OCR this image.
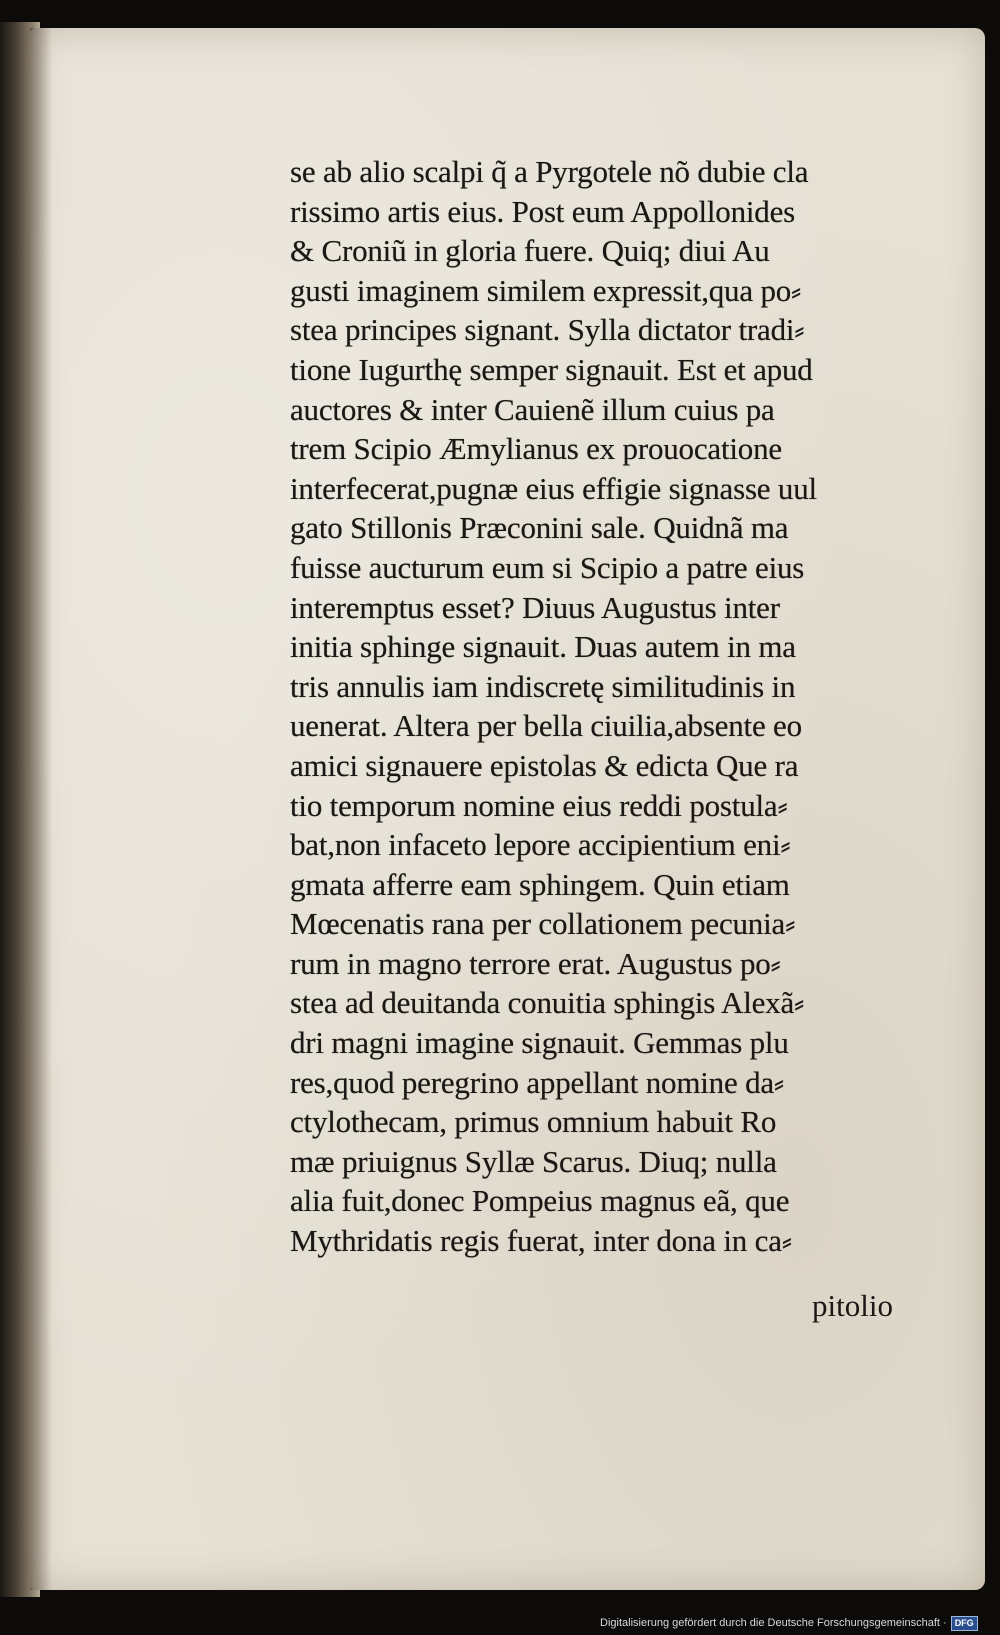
se ab alio scalpi q̃ a Pyrgotele nõ dubie cla
rissimo artis eius. Post eum Appollonides
& Croniũ in gloria fuere. Quiq; diui Au
gusti imaginem similem expressit,qua po⸗
stea principes signant. Sylla dictator tradi⸗
tione Iugurthę semper signauit. Est et apud
auctores & inter Cauienẽ illum cuius pa
trem Scipio Æmylianus ex prouocatione
interfecerat,pugnæ eius effigie signasse uul
gato Stillonis Præconini sale. Quidnã ma
fuisse aucturum eum si Scipio a patre eius
interemptus esset? Diuus Augustus inter
initia sphinge signauit. Duas autem in ma
tris annulis iam indiscretę similitudinis in
uenerat. Altera per bella ciuilia,absente eo
amici signauere epistolas & edicta Que ra
tio temporum nomine eius reddi postula⸗
bat,non infaceto lepore accipientium eni⸗
gmata afferre eam sphingem. Quin etiam
Mœcenatis rana per collationem pecunia⸗
rum in magno terrore erat. Augustus po⸗
stea ad deuitanda conuitia sphingis Alexã⸗
dri magni imagine signauit. Gemmas plu
res,quod peregrino appellant nomine da⸗
ctylothecam, primus omnium habuit Ro
mæ priuignus Syllæ Scarus. Diuq; nulla
alia fuit,donec Pompeius magnus eã, que
Mythridatis regis fuerat, inter dona in ca⸗
pitolio
Digitalisierung gefördert durch die Deutsche Forschungsgemeinschaft · DFG
